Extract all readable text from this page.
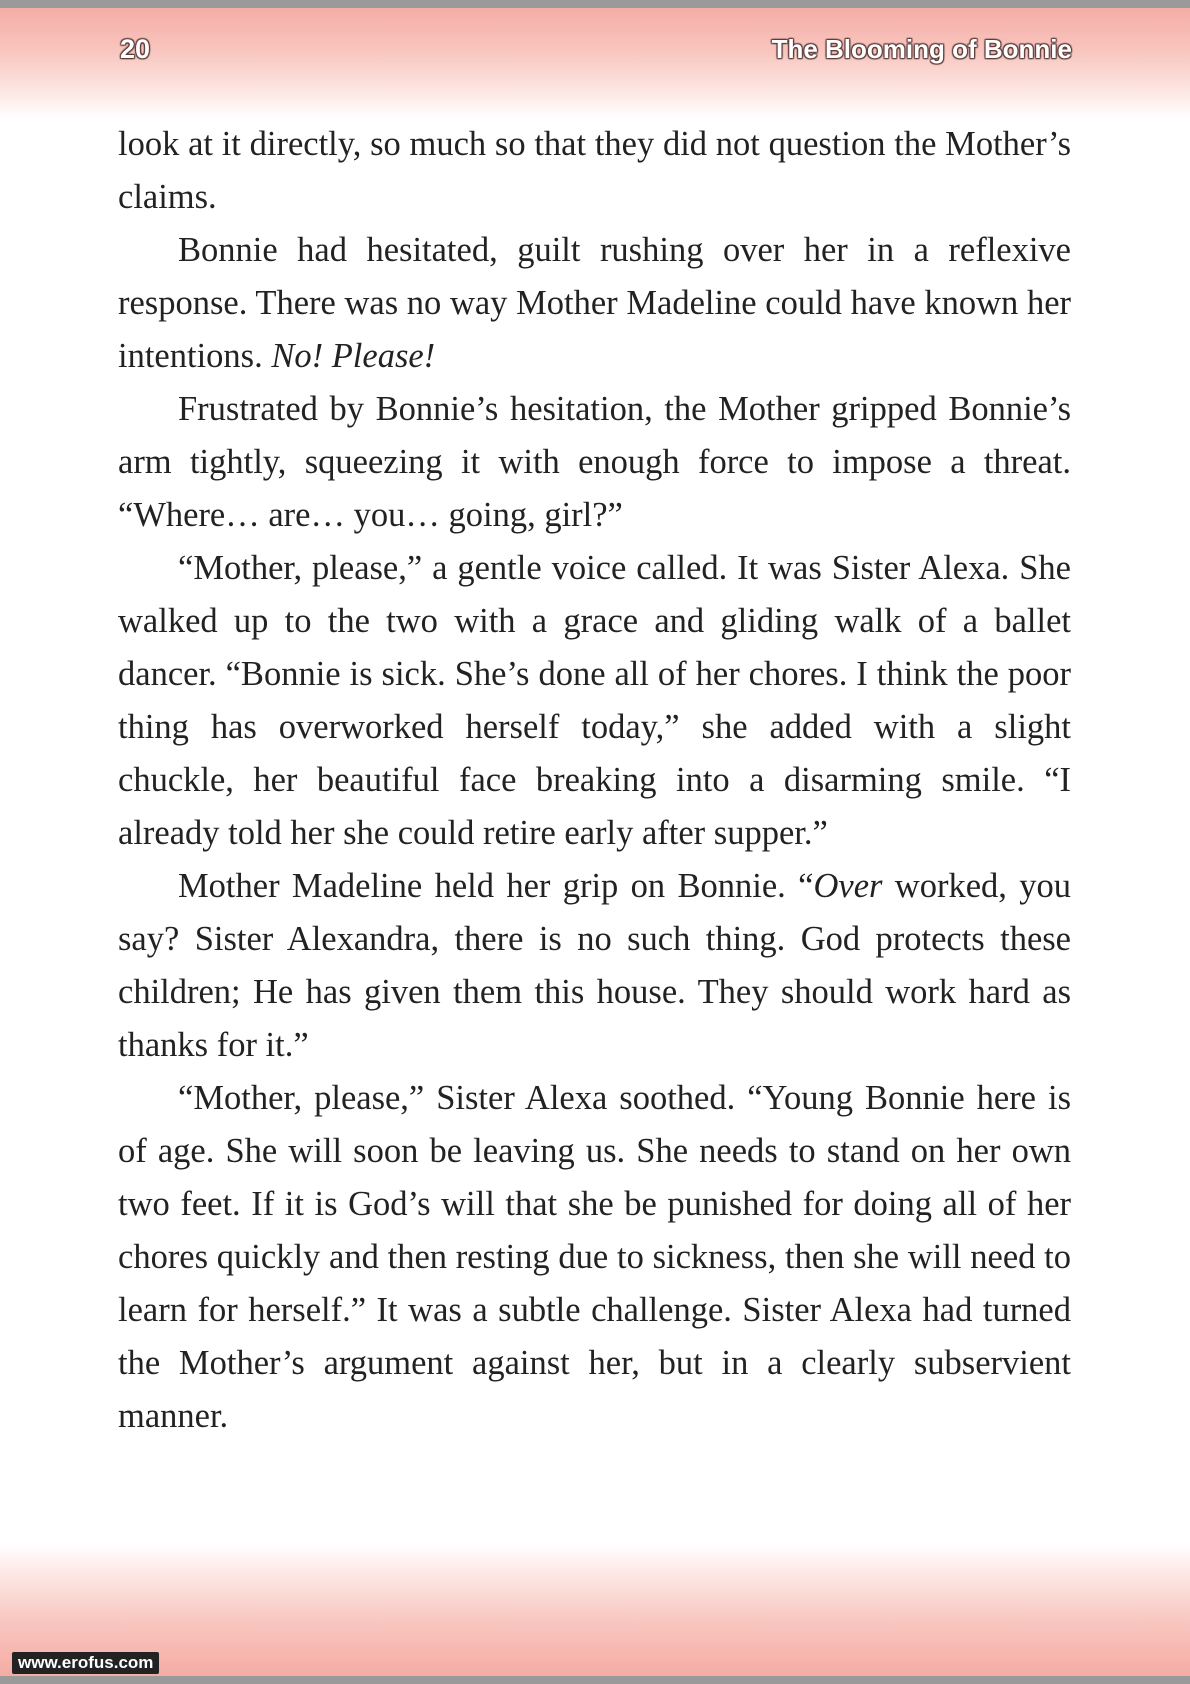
20	The Blooming of Bonnie

look at it directly, so much so that they did not question the Mother’s claims.

Bonnie had hesitated, guilt rushing over her in a reflexive response. There was no way Mother Madeline could have known her intentions. No! Please!

Frustrated by Bonnie’s hesitation, the Mother gripped Bonnie’s arm tightly, squeezing it with enough force to impose a threat. “Where… are… you… going, girl?”

“Mother, please,” a gentle voice called. It was Sister Alexa. She walked up to the two with a grace and gliding walk of a ballet dancer. “Bonnie is sick. She’s done all of her chores. I think the poor thing has overworked herself today,” she added with a slight chuckle, her beautiful face breaking into a disarming smile. “I already told her she could retire early after supper.”

Mother Madeline held her grip on Bonnie. “Over worked, you say? Sister Alexandra, there is no such thing. God protects these children; He has given them this house. They should work hard as thanks for it.”

“Mother, please,” Sister Alexa soothed. “Young Bonnie here is of age. She will soon be leaving us. She needs to stand on her own two feet. If it is God’s will that she be punished for doing all of her chores quickly and then resting due to sickness, then she will need to learn for herself.” It was a subtle challenge. Sister Alexa had turned the Mother’s argument against her, but in a clearly subservient manner.

www.erofus.com
